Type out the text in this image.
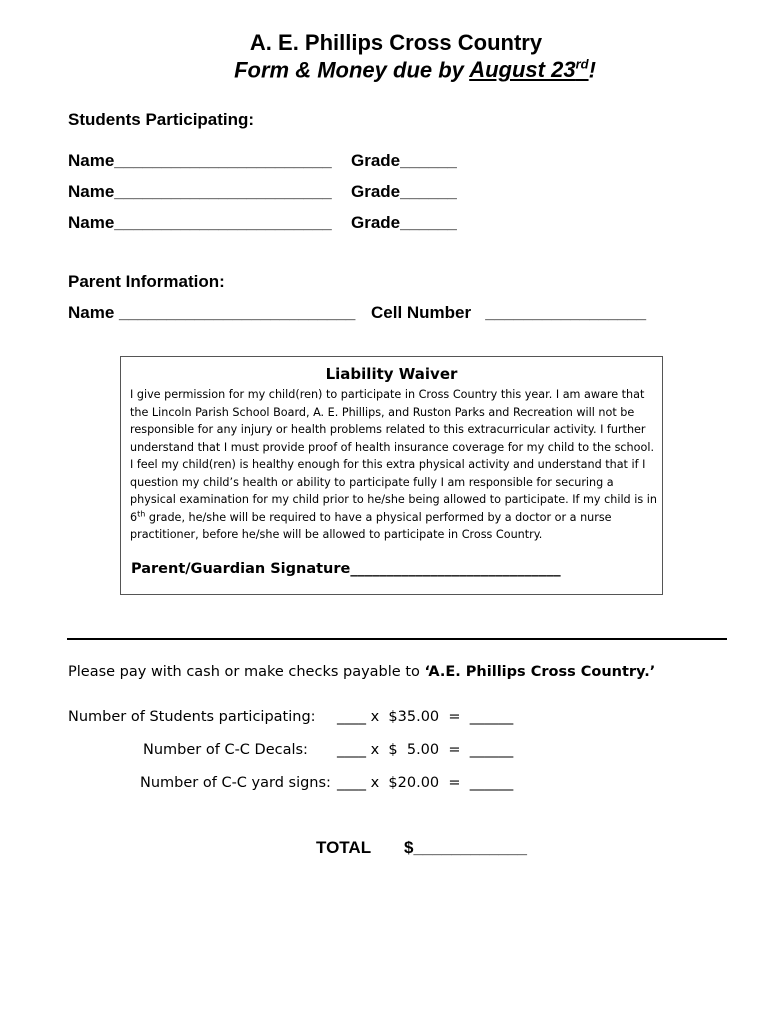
A. E. Phillips Cross Country
Form & Money due by August 23rd!
Students Participating:
Name_______________________ Grade______
Name_______________________ Grade______
Name_______________________ Grade______
Parent Information:
Name _________________________ Cell Number   _________________
Liability Waiver
I give permission for my child(ren) to participate in Cross Country this year. I am aware that the Lincoln Parish School Board, A. E. Phillips, and Ruston Parks and Recreation will not be responsible for any injury or health problems related to this extracurricular activity. I further understand that I must provide proof of health insurance coverage for my child to the school. I feel my child(ren) is healthy enough for this extra physical activity and understand that if I question my child’s health or ability to participate fully I am responsible for securing a physical examination for my child prior to he/she being allowed to participate. If my child is in 6th grade, he/she will be required to have a physical performed by a doctor or a nurse practitioner, before he/she will be allowed to participate in Cross Country.
Parent/Guardian Signature_____________________________
Please pay with cash or make checks payable to ‘A.E. Phillips Cross Country.’
Number of Students participating: ____ x  $35.00  =  ______
Number of C-C Decals: ____ x  $  5.00  =  ______
Number of C-C yard signs: ____ x  $20.00  =  ______
TOTAL $____________
